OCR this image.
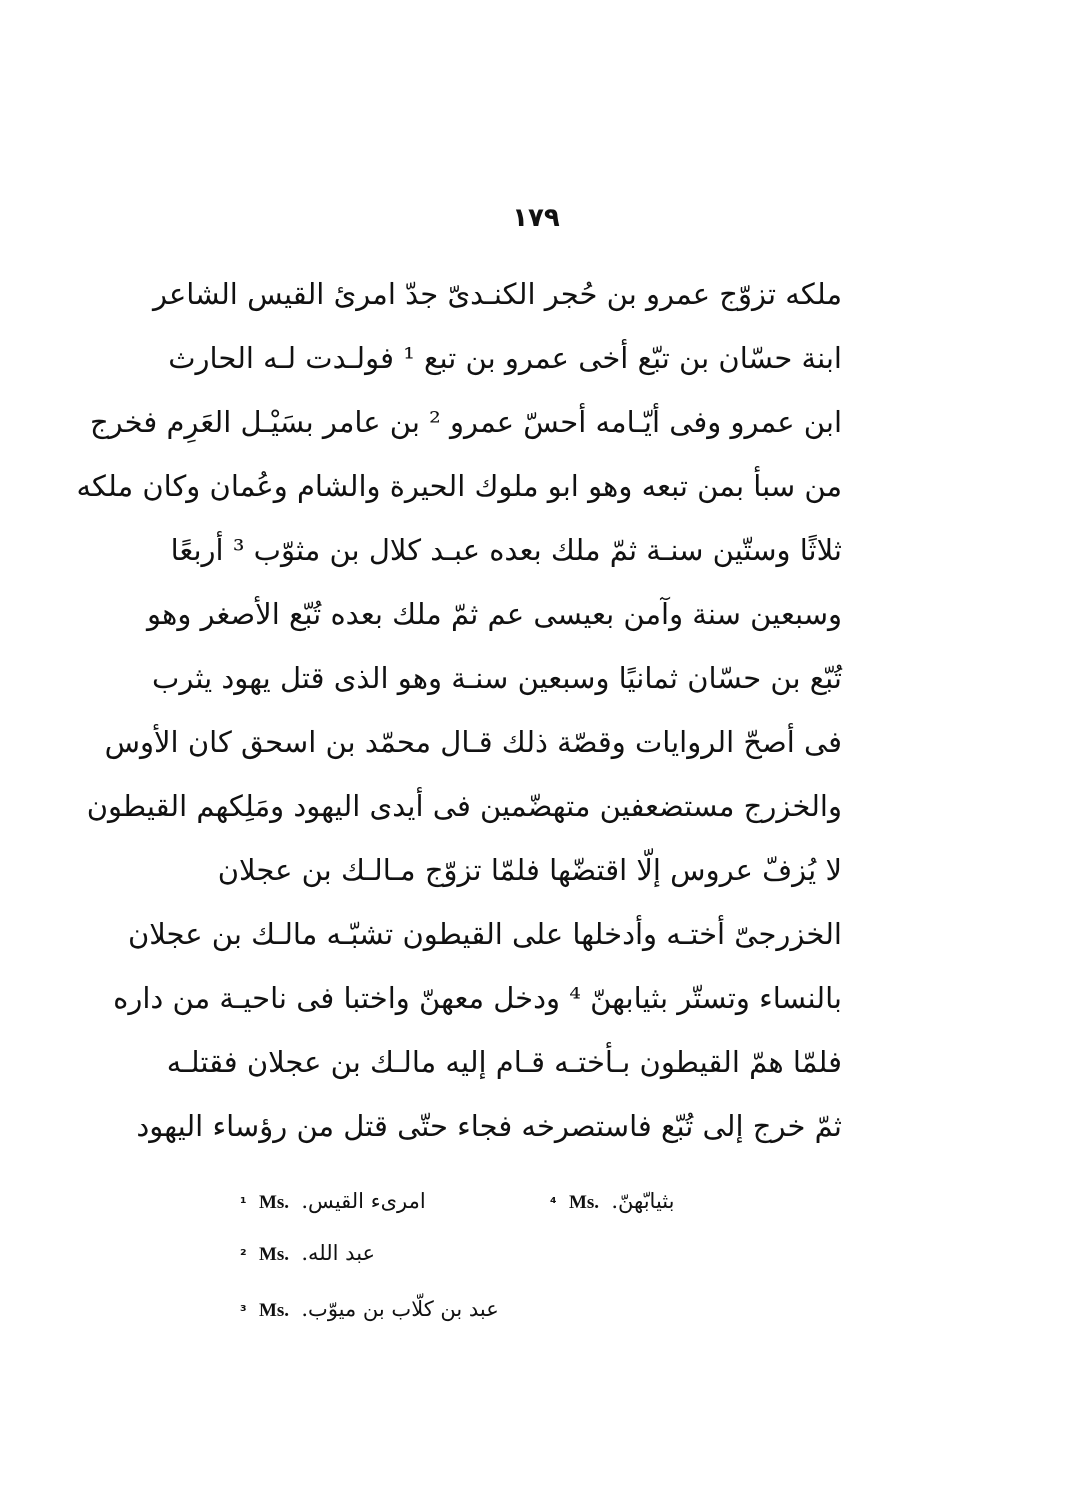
١٧٩
ملكه تزوّج عمرو بن حُجر الكنـدىّ جدّ امرئ القيس الشاعر
ابنة حسّان بن تبّع أخى عمرو بن تبع ¹ فولـدت لـه الحارث
ابن عمرو وفى أيّـامه أحسّ عمرو ² بن عامر بسَيْـل العَرِم فخرج
من سبأ بمن تبعه وهو ابو ملوك الحيرة والشام وعُمان وكان ملكه
ثلاثًا وستّين سنـة ثمّ ملك بعده عبـد كلال بن مثوّب ³ أربعًا
وسبعين سنة وآمن بعيسى عم ثمّ ملك بعده تُبّع الأصغر وهو
تُبّع بن حسّان ثمانيًا وسبعين سنـة وهو الذى قتل يهود يثرب
فى أصحّ الروايات وقصّة ذلك قـال محمّد بن اسحق كان الأوس
والخزرج مستضعفين متهضّمين فى أيدى اليهود ومَلِكهم القيطون
لا يُزفّ عروس إلّا اقتضّها فلمّا تزوّج مـالـك بن عجلان
الخزرجىّ أختـه وأدخلها على القيطون تشبّـه مالـك بن عجلان
بالنساء وتستّر بثيابهنّ ⁴ ودخل معهنّ واختبا فى ناحيـة من داره
فلمّا همّ القيطون بـأختـه قـام إليه مالـك بن عجلان فقتلـه
ثمّ خرج إلى تُبّع فاستصرخه فجاء حتّى قتل من رؤساء اليهود
¹ Ms. امرىء القيس.	⁴ Ms. بثيابّهنّ.
² Ms. عبد الله.
³ Ms. عبد بن كلّاب بن ميوّب.
